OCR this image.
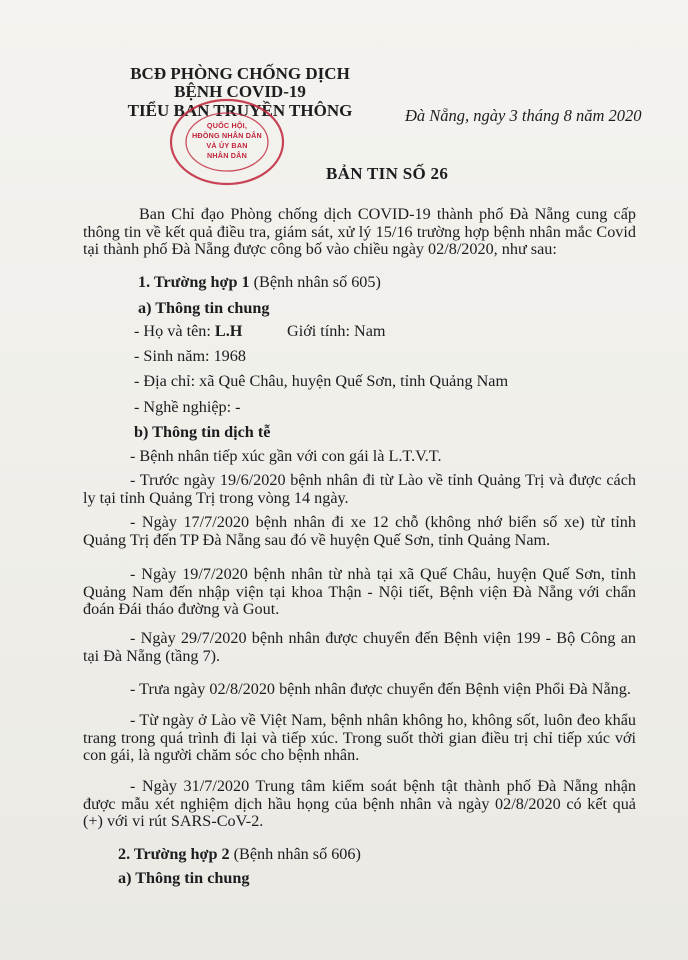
BCĐ PHÒNG CHỐNG DỊCH
BỆNH COVID-19
TIỂU BAN TRUYỀN THÔNG
QUỐC HỘI,
HĐỒNG NHÂN DÂN
VÀ ỦY BAN
NHÂN DÂN
Đà Nẵng, ngày 3 tháng 8 năm 2020
BẢN TIN SỐ 26
Ban Chỉ đạo Phòng chống dịch COVID-19 thành phố Đà Nẵng cung cấp thông tin về kết quả điều tra, giám sát, xử lý 15/16 trường hợp bệnh nhân mắc Covid tại thành phố Đà Nẵng được công bố vào chiều ngày 02/8/2020, như sau:
1. Trường hợp 1 (Bệnh nhân số 605)
a) Thông tin chung
- Họ và tên: L.H	Giới tính: Nam
- Sinh năm: 1968
- Địa chỉ: xã Quê Châu, huyện Quế Sơn, tỉnh Quảng Nam
- Nghề nghiệp: -
b) Thông tin dịch tễ
- Bệnh nhân tiếp xúc gần với con gái là L.T.V.T.
- Trước ngày 19/6/2020 bệnh nhân đi từ Lào về tỉnh Quảng Trị và được cách ly tại tỉnh Quảng Trị trong vòng 14 ngày.
- Ngày 17/7/2020 bệnh nhân đi xe 12 chỗ (không nhớ biển số xe) từ tỉnh Quảng Trị đến TP Đà Nẵng sau đó về huyện Quế Sơn, tỉnh Quảng Nam.
- Ngày 19/7/2020 bệnh nhân từ nhà tại xã Quế Châu, huyện Quế Sơn, tỉnh Quảng Nam đến nhập viện tại khoa Thận - Nội tiết, Bệnh viện Đà Nẵng với chẩn đoán Đái tháo đường và Gout.
- Ngày 29/7/2020 bệnh nhân được chuyển đến Bệnh viện 199 - Bộ Công an tại Đà Nẵng (tầng 7).
- Trưa ngày 02/8/2020 bệnh nhân được chuyển đến Bệnh viện Phổi Đà Nẵng.
- Từ ngày ở Lào về Việt Nam, bệnh nhân không ho, không sốt, luôn đeo khẩu trang trong quá trình đi lại và tiếp xúc. Trong suốt thời gian điều trị chỉ tiếp xúc với con gái, là người chăm sóc cho bệnh nhân.
- Ngày 31/7/2020 Trung tâm kiểm soát bệnh tật thành phố Đà Nẵng nhận được mẫu xét nghiệm dịch hầu họng của bệnh nhân và ngày 02/8/2020 có kết quả (+) với vi rút SARS-CoV-2.
2. Trường hợp 2 (Bệnh nhân số 606)
a) Thông tin chung
